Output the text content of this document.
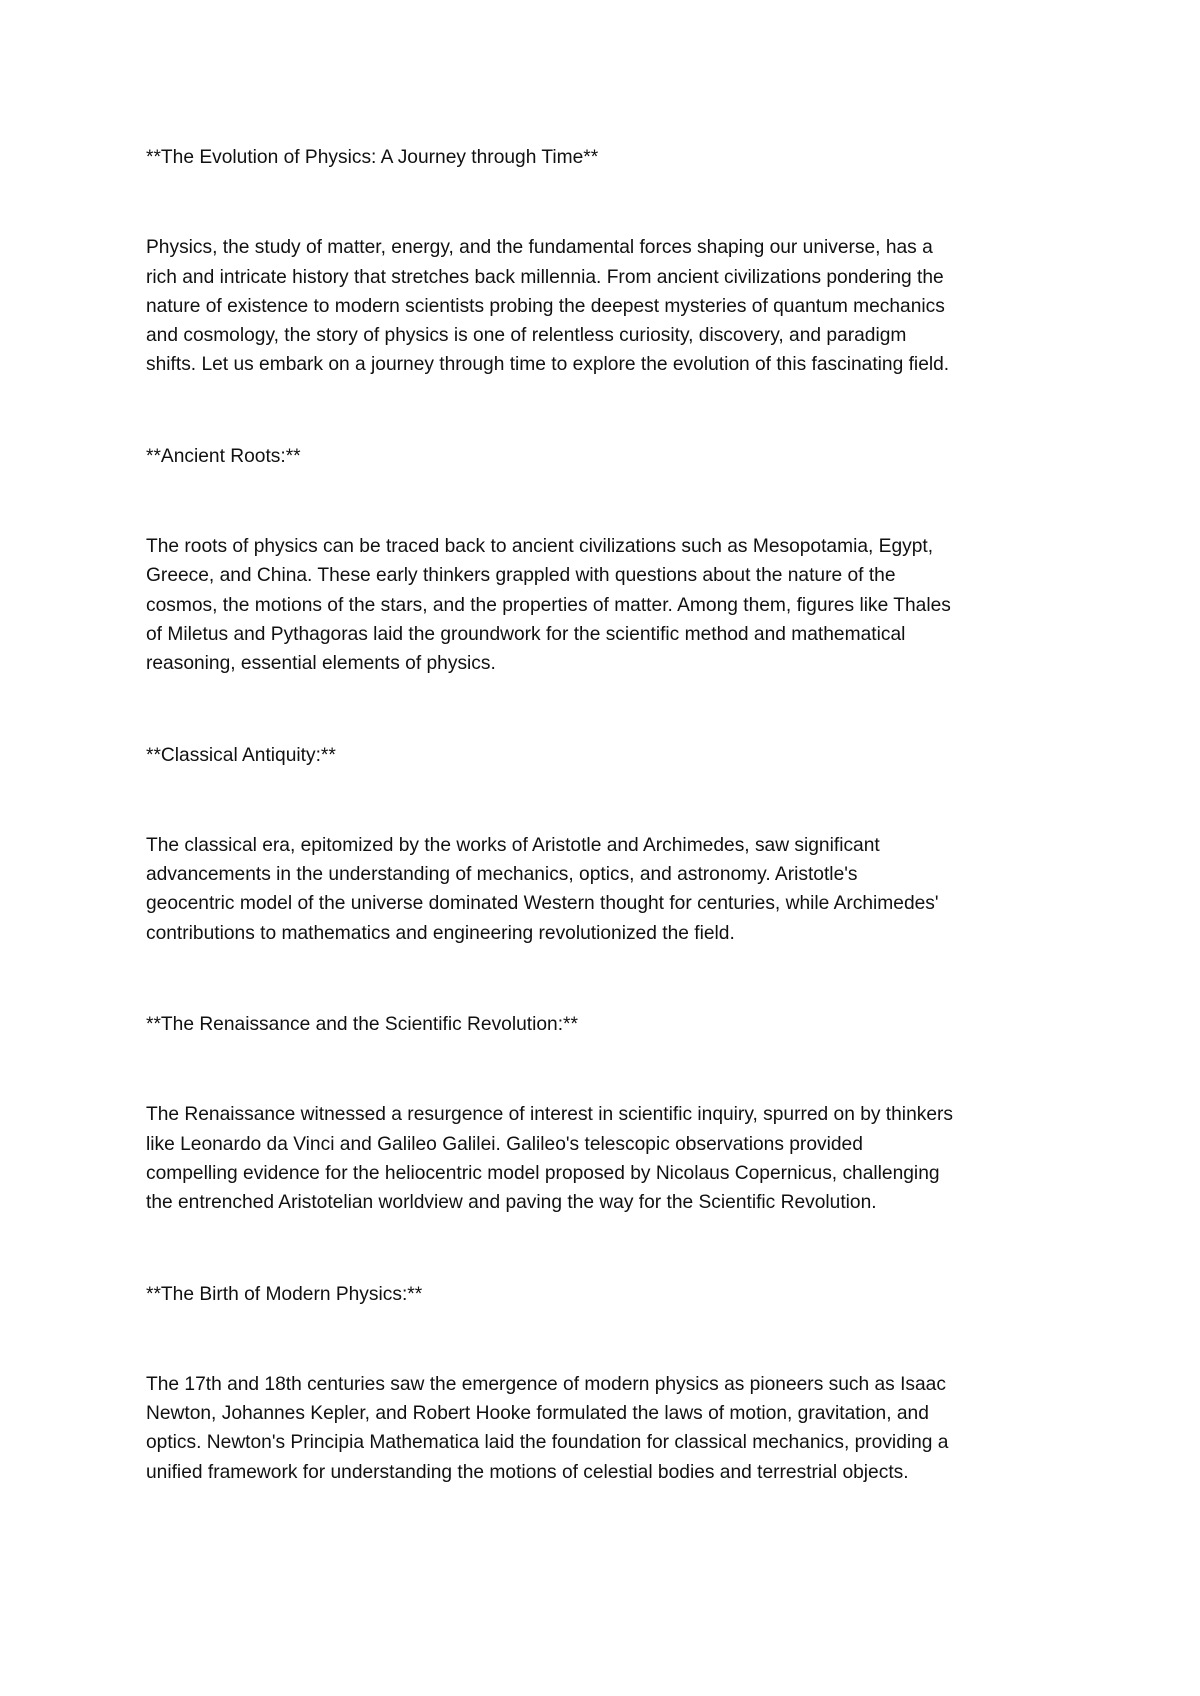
**The Evolution of Physics: A Journey through Time**

Physics, the study of matter, energy, and the fundamental forces shaping our universe, has a
rich and intricate history that stretches back millennia. From ancient civilizations pondering the
nature of existence to modern scientists probing the deepest mysteries of quantum mechanics
and cosmology, the story of physics is one of relentless curiosity, discovery, and paradigm
shifts. Let us embark on a journey through time to explore the evolution of this fascinating field.

**Ancient Roots:**

The roots of physics can be traced back to ancient civilizations such as Mesopotamia, Egypt,
Greece, and China. These early thinkers grappled with questions about the nature of the
cosmos, the motions of the stars, and the properties of matter. Among them, figures like Thales
of Miletus and Pythagoras laid the groundwork for the scientific method and mathematical
reasoning, essential elements of physics.

**Classical Antiquity:**

The classical era, epitomized by the works of Aristotle and Archimedes, saw significant
advancements in the understanding of mechanics, optics, and astronomy. Aristotle's
geocentric model of the universe dominated Western thought for centuries, while Archimedes'
contributions to mathematics and engineering revolutionized the field.

**The Renaissance and the Scientific Revolution:**

The Renaissance witnessed a resurgence of interest in scientific inquiry, spurred on by thinkers
like Leonardo da Vinci and Galileo Galilei. Galileo's telescopic observations provided
compelling evidence for the heliocentric model proposed by Nicolaus Copernicus, challenging
the entrenched Aristotelian worldview and paving the way for the Scientific Revolution.

**The Birth of Modern Physics:**

The 17th and 18th centuries saw the emergence of modern physics as pioneers such as Isaac
Newton, Johannes Kepler, and Robert Hooke formulated the laws of motion, gravitation, and
optics. Newton's Principia Mathematica laid the foundation for classical mechanics, providing a
unified framework for understanding the motions of celestial bodies and terrestrial objects.
